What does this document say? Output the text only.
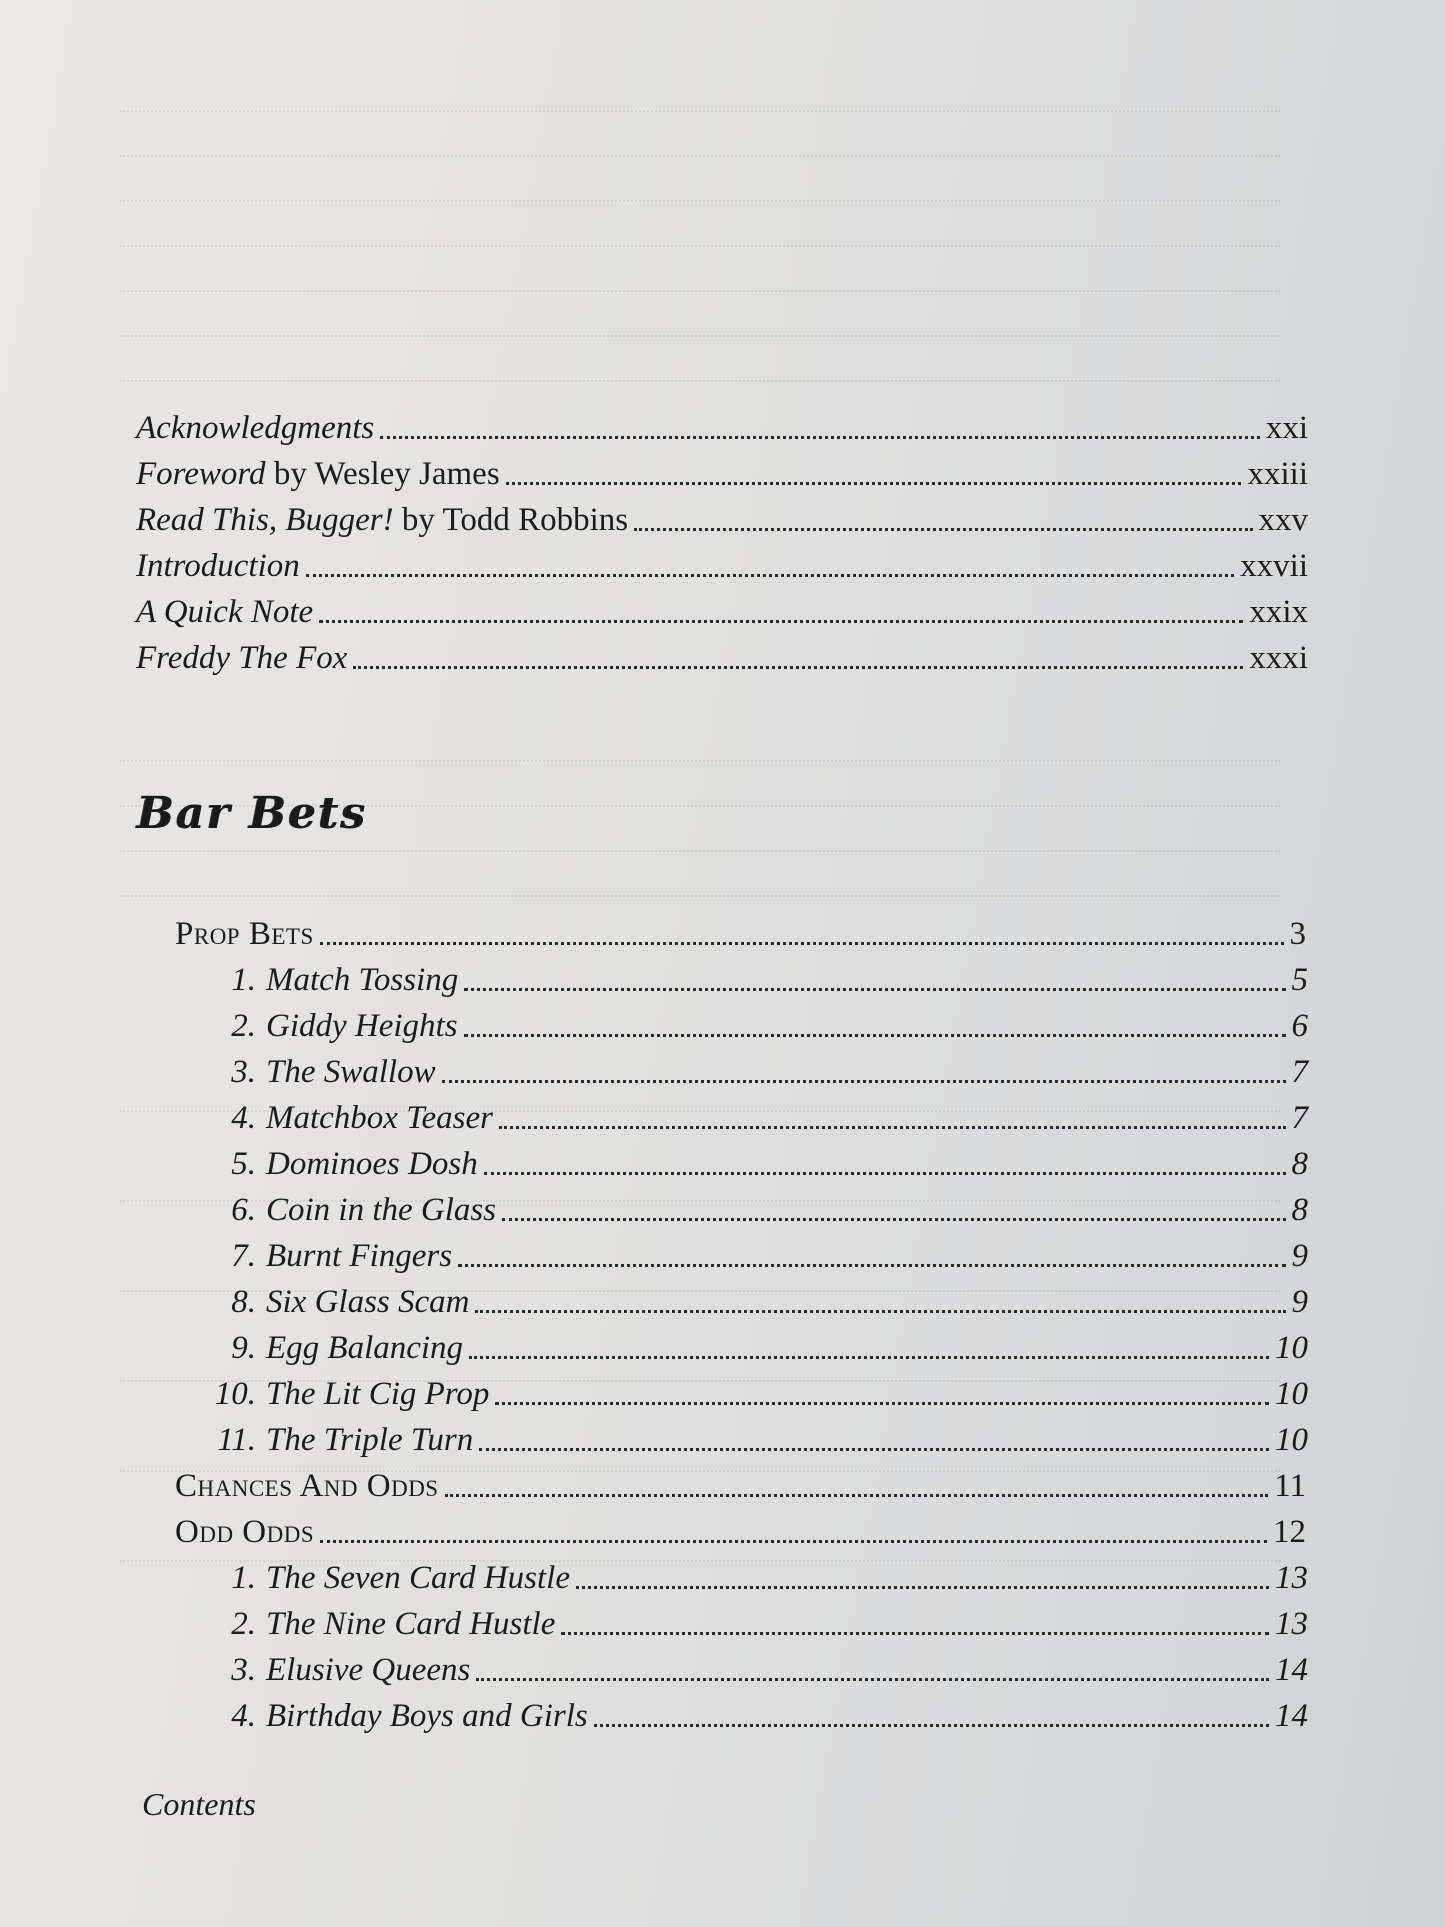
Acknowledgments	xxi
Foreword by Wesley James	xxiii
Read This, Bugger! by Todd Robbins	xxv
Introduction	xxvii
A Quick Note	xxix
Freddy The Fox	xxxi
Bar Bets
Prop Bets	3
1. Match Tossing	5
2. Giddy Heights	6
3. The Swallow	7
4. Matchbox Teaser	7
5. Dominoes Dosh	8
6. Coin in the Glass	8
7. Burnt Fingers	9
8. Six Glass Scam	9
9. Egg Balancing	10
10. The Lit Cig Prop	10
11. The Triple Turn	10
Chances And Odds	11
Odd Odds	12
1. The Seven Card Hustle	13
2. The Nine Card Hustle	13
3. Elusive Queens	14
4. Birthday Boys and Girls	14
Contents
